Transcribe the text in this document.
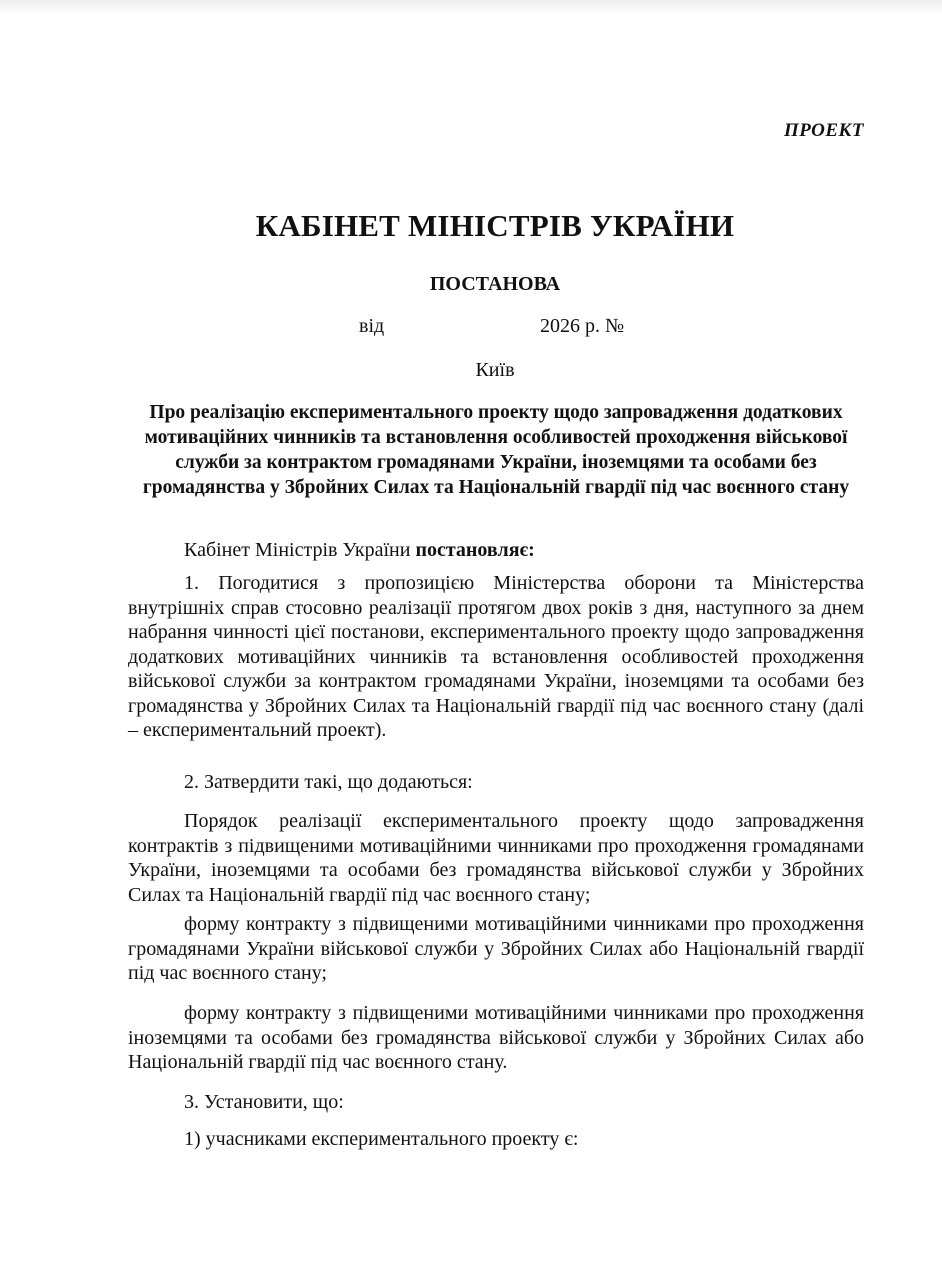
ПРОЕКТ
КАБІНЕТ МІНІСТРІВ УКРАЇНИ
ПОСТАНОВА
від	2026 р. №
Київ
Про реалізацію експериментального проекту щодо запровадження додаткових мотиваційних чинників та встановлення особливостей проходження військової служби за контрактом громадянами України, іноземцями та особами без громадянства у Збройних Силах та Національній гвардії під час воєнного стану

Кабінет Міністрів України постановляє:

1. Погодитися з пропозицією Міністерства оборони та Міністерства внутрішніх справ стосовно реалізації протягом двох років з дня, наступного за днем набрання чинності цієї постанови, експериментального проекту щодо запровадження додаткових мотиваційних чинників та встановлення особливостей проходження військової служби за контрактом громадянами України, іноземцями та особами без громадянства у Збройних Силах та Національній гвардії під час воєнного стану (далі – експериментальний проект).

2. Затвердити такі, що додаються:

Порядок реалізації експериментального проекту щодо запровадження контрактів з підвищеними мотиваційними чинниками про проходження громадянами України, іноземцями та особами без громадянства військової служби у Збройних Силах та Національній гвардії під час воєнного стану;

форму контракту з підвищеними мотиваційними чинниками про проходження громадянами України військової служби у Збройних Силах або Національній гвардії під час воєнного стану;

форму контракту з підвищеними мотиваційними чинниками про проходження іноземцями та особами без громадянства військової служби у Збройних Силах або Національній гвардії під час воєнного стану.

3. Установити, що:

1) учасниками експериментального проекту є:
